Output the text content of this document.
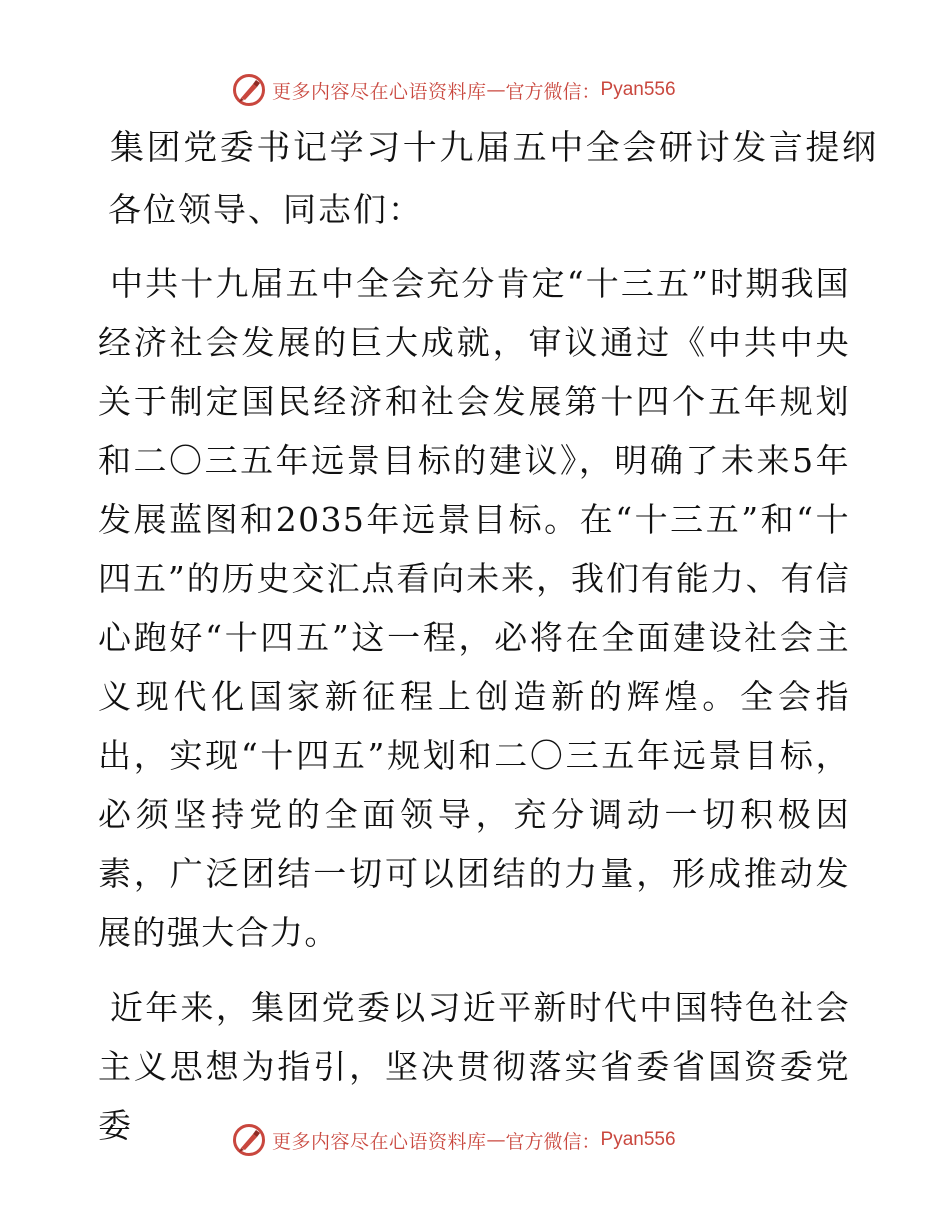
更多内容尽在心语资料库 — 官方微信： Pyan556
集团党委书记学习十九届五中全会研讨发言提纲

各位领导、同志们：

中共十九届五中全会充分肯定“十三五”时期我国经济社会发展的巨大成就，审议通过《中共中央关于制定国民经济和社会发展第十四个五年规划和二〇三五年远景目标的建议》，明确了未来5年发展蓝图和2035年远景目标。在“十三五”和“十四五”的历史交汇点看向未来，我们有能力、有信心跑好“十四五”这一程，必将在全面建设社会主义现代化国家新征程上创造新的辉煌。全会指出，实现“十四五”规划和二〇三五年远景目标，必须坚持党的全面领导，充分调动一切积极因素，广泛团结一切可以团结的力量，形成推动发展的强大合力。

近年来，集团党委以习近平新时代中国特色社会主义思想为指引，坚决贯彻落实省委省国资委党委	更多内容尽在心语资料库 — 官方微信： Pyan556
